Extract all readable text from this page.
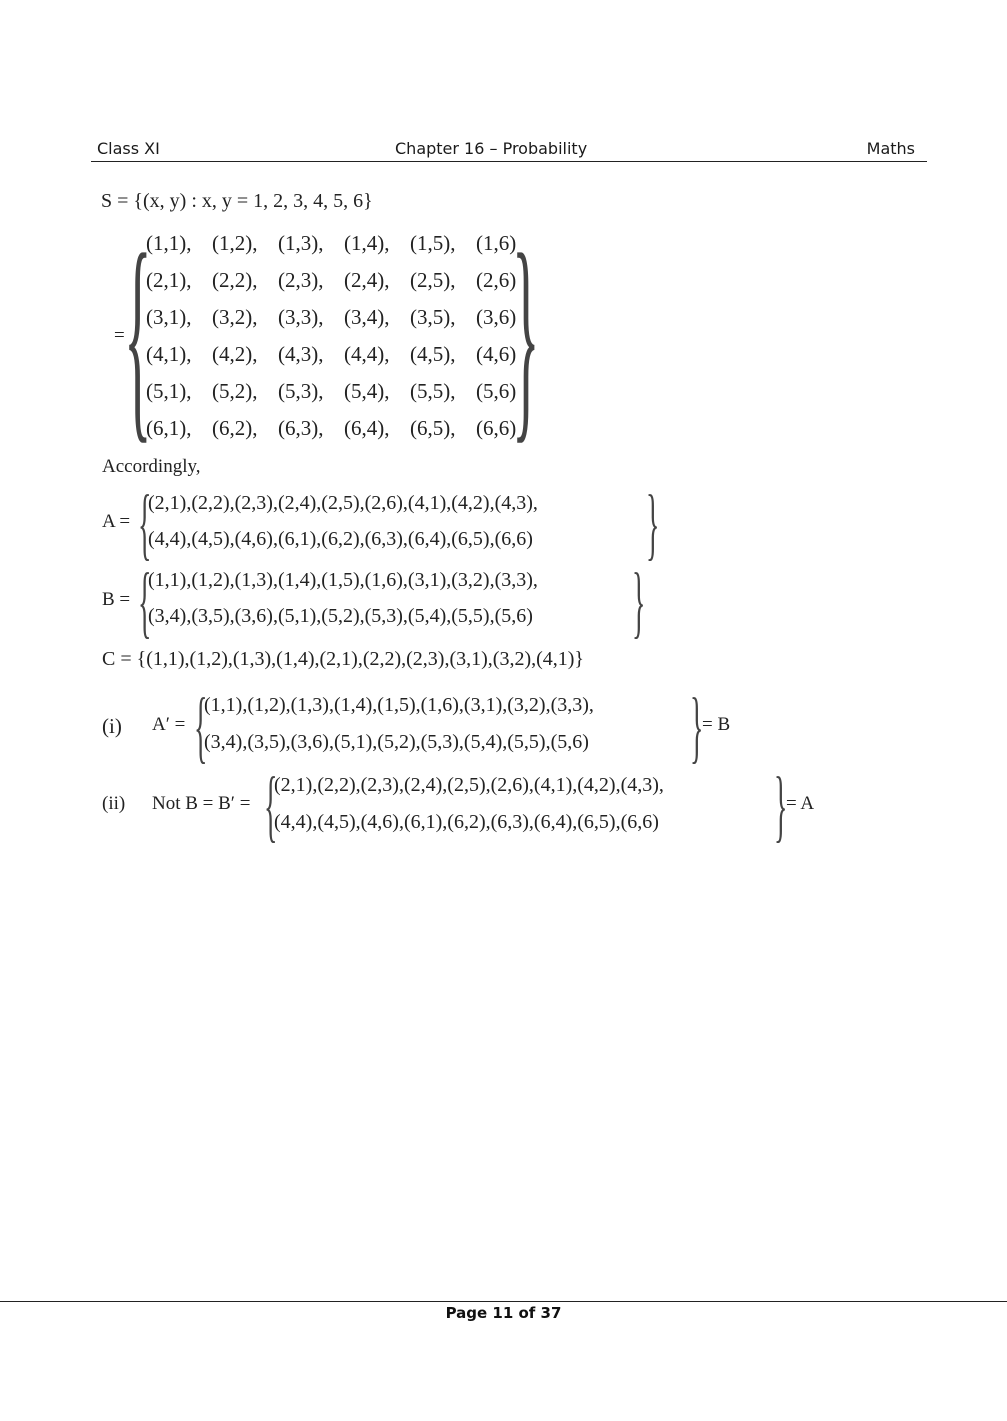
Class XI	Chapter 16 – Probability	Maths
S = {(x, y) : x, y = 1, 2, 3, 4, 5, 6}
= {
(1,1), (1,2), (1,3), (1,4), (1,5), (1,6)
(2,1), (2,2), (2,3), (2,4), (2,5), (2,6)
(3,1), (3,2), (3,3), (3,4), (3,5), (3,6)
(4,1), (4,2), (4,3), (4,4), (4,5), (4,6)
(5,1), (5,2), (5,3), (5,4), (5,5), (5,6)
(6,1), (6,2), (6,3), (6,4), (6,5), (6,6)
}
Accordingly,
A = {
(2,1),(2,2),(2,3),(2,4),(2,5),(2,6),(4,1),(4,2),(4,3),
(4,4),(4,5),(4,6),(6,1),(6,2),(6,3),(6,4),(6,5),(6,6) }
B = {
(1,1),(1,2),(1,3),(1,4),(1,5),(1,6),(3,1),(3,2),(3,3),
(3,4),(3,5),(3,6),(5,1),(5,2),(5,3),(5,4),(5,5),(5,6) }
C = {(1,1),(1,2),(1,3),(1,4),(2,1),(2,2),(2,3),(3,1),(3,2),(4,1)}
(i) A′ = {
(1,1),(1,2),(1,3),(1,4),(1,5),(1,6),(3,1),(3,2),(3,3),
(3,4),(3,5),(3,6),(5,1),(5,2),(5,3),(5,4),(5,5),(5,6) }
= B
(ii) Not B = B′ = {
(2,1),(2,2),(2,3),(2,4),(2,5),(2,6),(4,1),(4,2),(4,3),
(4,4),(4,5),(4,6),(6,1),(6,2),(6,3),(6,4),(6,5),(6,6) }
= A
Page 11 of 37
